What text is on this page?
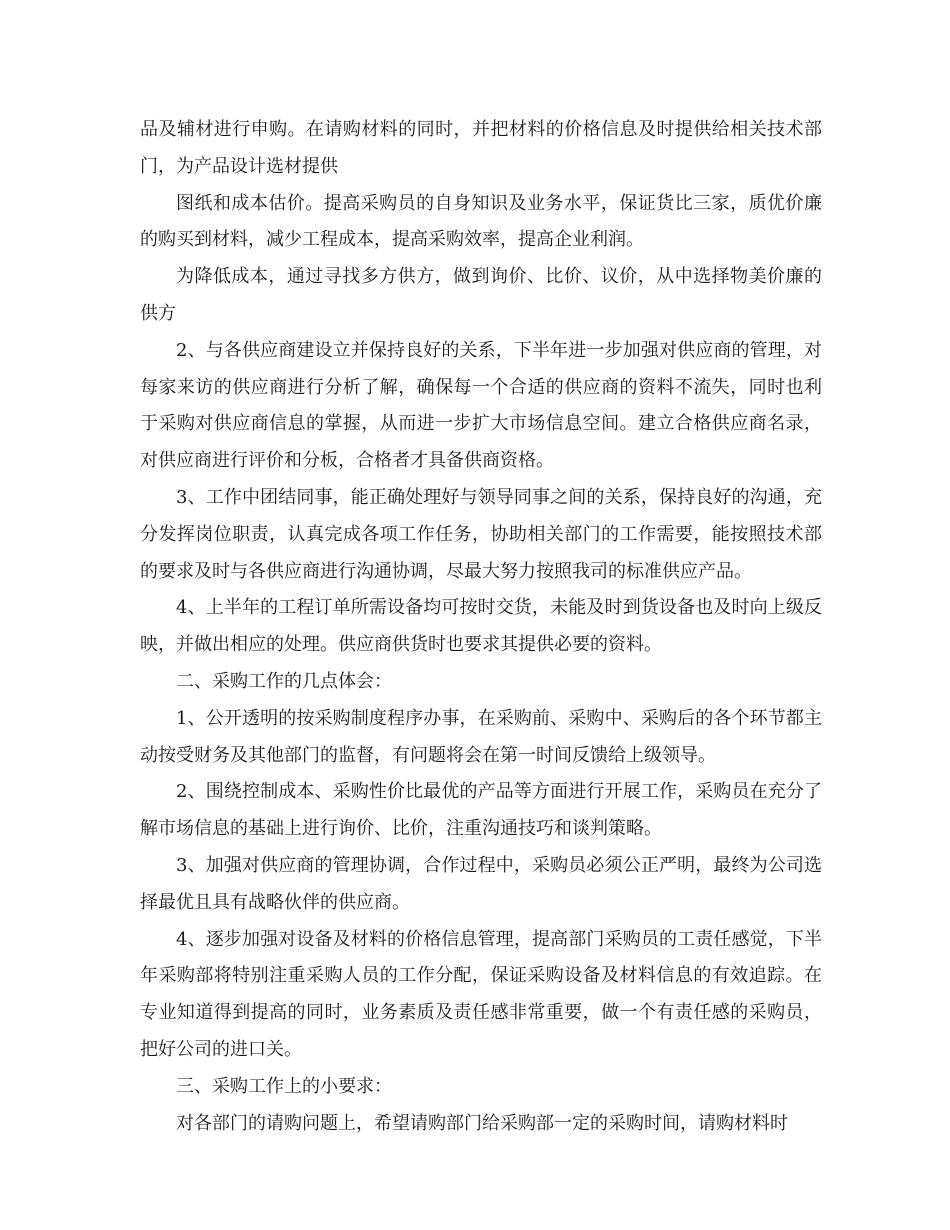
品及辅材进行申购。在请购材料的同时，并把材料的价格信息及时提供给相关技术部门，为产品设计选材提供

图纸和成本估价。提高采购员的自身知识及业务水平，保证货比三家，质优价廉的购买到材料，减少工程成本，提高采购效率，提高企业利润。

为降低成本，通过寻找多方供方，做到询价、比价、议价，从中选择物美价廉的供方

2、与各供应商建设立并保持良好的关系，下半年进一步加强对供应商的管理，对每家来访的供应商进行分析了解，确保每一个合适的供应商的资料不流失，同时也利于采购对供应商信息的掌握，从而进一步扩大市场信息空间。建立合格供应商名录，对供应商进行评价和分板，合格者才具备供商资格。

3、工作中团结同事，能正确处理好与领导同事之间的关系，保持良好的沟通，充分发挥岗位职责，认真完成各项工作任务，协助相关部门的工作需要，能按照技术部的要求及时与各供应商进行沟通协调，尽最大努力按照我司的标准供应产品。

4、上半年的工程订单所需设备均可按时交货，未能及时到货设备也及时向上级反映，并做出相应的处理。供应商供货时也要求其提供必要的资料。

二、采购工作的几点体会：

1、公开透明的按采购制度程序办事，在采购前、采购中、采购后的各个环节都主动按受财务及其他部门的监督，有问题将会在第一时间反馈给上级领导。

2、围绕控制成本、采购性价比最优的产品等方面进行开展工作，采购员在充分了解市场信息的基础上进行询价、比价，注重沟通技巧和谈判策略。

3、加强对供应商的管理协调，合作过程中，采购员必须公正严明，最终为公司选择最优且具有战略伙伴的供应商。

4、逐步加强对设备及材料的价格信息管理，提高部门采购员的工责任感觉，下半年采购部将特别注重采购人员的工作分配，保证采购设备及材料信息的有效追踪。在专业知道得到提高的同时，业务素质及责任感非常重要，做一个有责任感的采购员，把好公司的进口关。

三、采购工作上的小要求：

对各部门的请购问题上，希望请购部门给采购部一定的采购时间，请购材料时
